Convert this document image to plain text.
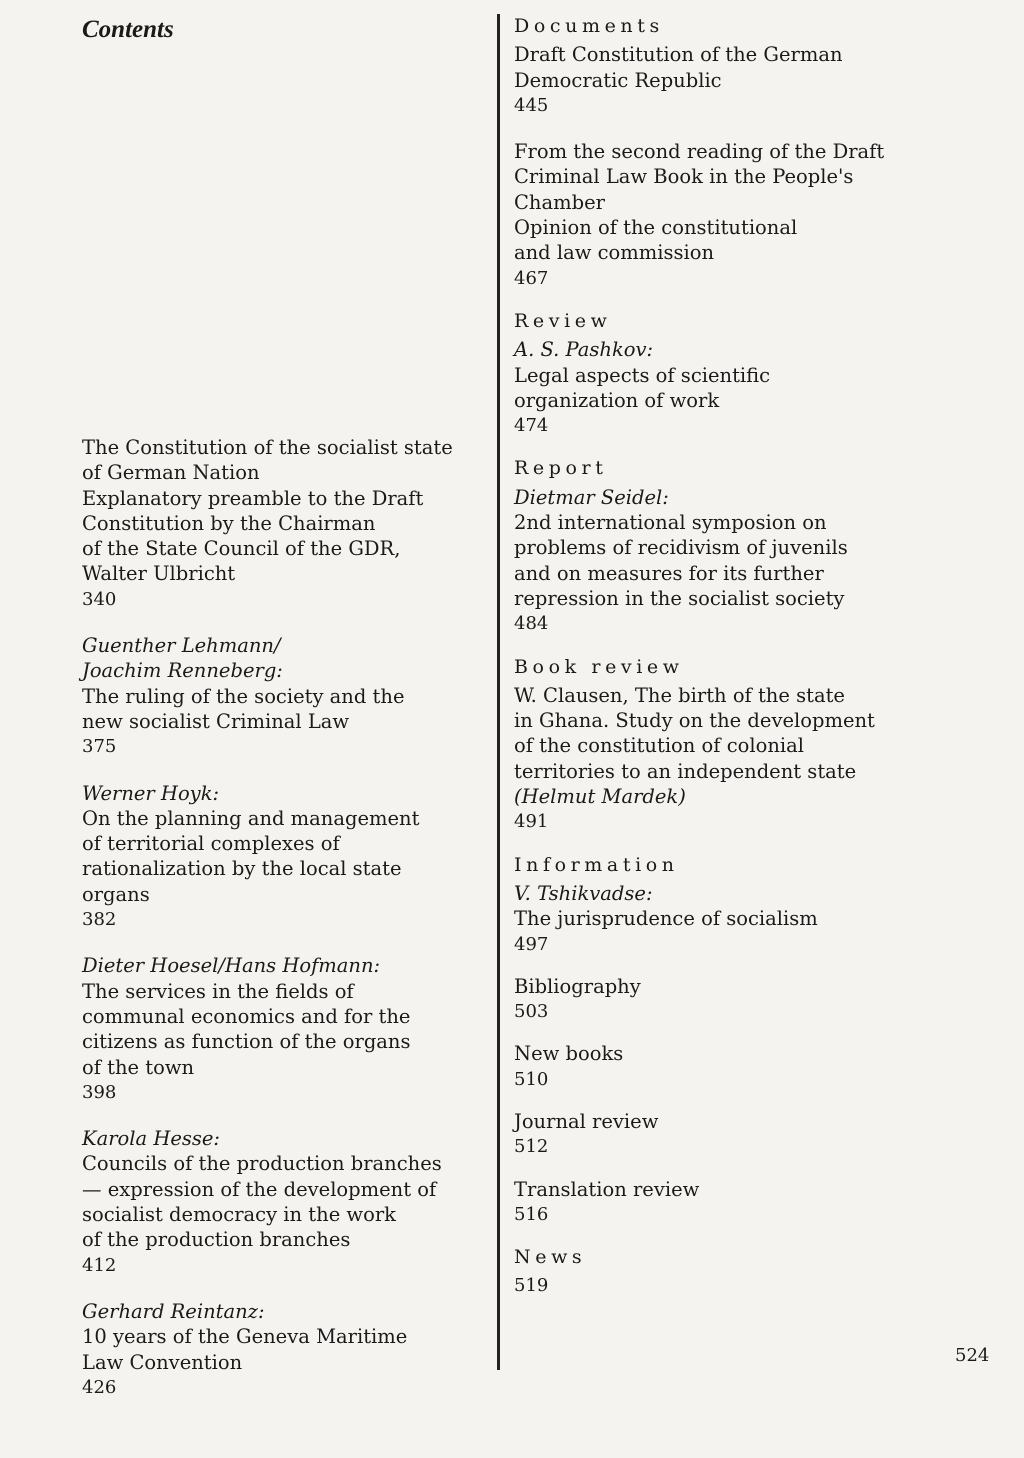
Contents
The Constitution of the socialist state
of German Nation
Explanatory preamble to the Draft
Constitution by the Chairman
of the State Council of the GDR,
Walter Ulbricht
340
Guenther Lehmann/
Joachim Renneberg:
The ruling of the society and the
new socialist Criminal Law
375
Werner Hoyk:
On the planning and management
of territorial complexes of
rationalization by the local state
organs
382
Dieter Hoesel/Hans Hofmann:
The services in the fields of
communal economics and for the
citizens as function of the organs
of the town
398
Karola Hesse:
Councils of the production branches
— expression of the development of
socialist democracy in the work
of the production branches
412
Gerhard Reintanz:
10 years of the Geneva Maritime
Law Convention
426
Documents
Draft Constitution of the German
Democratic Republic
445
From the second reading of the Draft
Criminal Law Book in the People's
Chamber
Opinion of the constitutional
and law commission
467
Review
A. S. Pashkov:
Legal aspects of scientific
organization of work
474
Report
Dietmar Seidel:
2nd international symposion on
problems of recidivism of juvenils
and on measures for its further
repression in the socialist society
484
Book review
W. Clausen, The birth of the state
in Ghana. Study on the development
of the constitution of colonial
territories to an independent state
(Helmut Mardek)
491
Information
V. Tshikvadse:
The jurisprudence of socialism
497
Bibliography
503
New books
510
Journal review
512
Translation review
516
News
519
524
